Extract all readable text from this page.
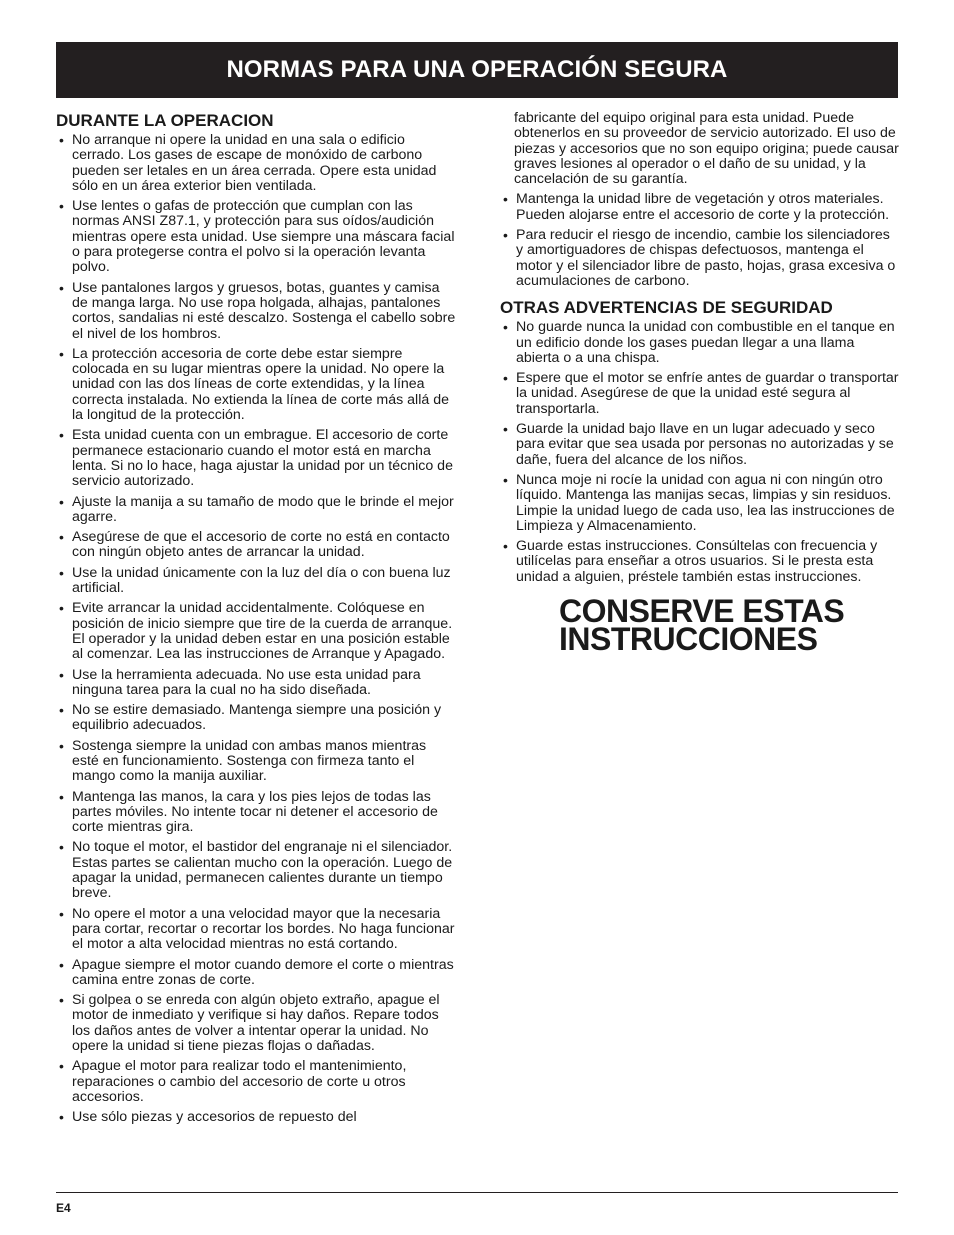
NORMAS PARA UNA OPERACIÓN SEGURA
DURANTE LA OPERACION
• No arranque ni opere la unidad en una sala o edificio cerrado. Los gases de escape de monóxido de carbono pueden ser letales en un área cerrada. Opere esta unidad sólo en un área exterior bien ventilada.
• Use lentes o gafas de protección que cumplan con las normas ANSI Z87.1, y protección para sus oídos/audición mientras opere esta unidad. Use siempre una máscara facial o para protegerse contra el polvo si la operación levanta polvo.
• Use pantalones largos y gruesos, botas, guantes y camisa de manga larga. No use ropa holgada, alhajas, pantalones cortos, sandalias ni esté descalzo. Sostenga el cabello sobre el nivel de los hombros.
• La protección accesoria de corte debe estar siempre colocada en su lugar mientras opere la unidad. No opere la unidad con las dos líneas de corte extendidas, y la línea correcta instalada. No extienda la línea de corte más allá de la longitud de la protección.
• Esta unidad cuenta con un embrague. El accesorio de corte permanece estacionario cuando el motor está en marcha lenta. Si no lo hace, haga ajustar la unidad por un técnico de servicio autorizado.
• Ajuste la manija a su tamaño de modo que le brinde el mejor agarre.
• Asegúrese de que el accesorio de corte no está en contacto con ningún objeto antes de arrancar la unidad.
• Use la unidad únicamente con la luz del día o con buena luz artificial.
• Evite arrancar la unidad accidentalmente. Colóquese en posición de inicio siempre que tire de la cuerda de arranque. El operador y la unidad deben estar en una posición estable al comenzar. Lea las instrucciones de Arranque y Apagado.
• Use la herramienta adecuada. No use esta unidad para ninguna tarea para la cual no ha sido diseñada.
• No se estire demasiado. Mantenga siempre una posición y equilibrio adecuados.
• Sostenga siempre la unidad con ambas manos mientras esté en funcionamiento. Sostenga con firmeza tanto el mango como la manija auxiliar.
• Mantenga las manos, la cara y los pies lejos de todas las partes móviles. No intente tocar ni detener el accesorio de corte mientras gira.
• No toque el motor, el bastidor del engranaje ni el silenciador. Estas partes se calientan mucho con la operación. Luego de apagar la unidad, permanecen calientes durante un tiempo breve.
• No opere el motor a una velocidad mayor que la necesaria para cortar, recortar o recortar los bordes. No haga funcionar el motor a alta velocidad mientras no está cortando.
• Apague siempre el motor cuando demore el corte o mientras camina entre zonas de corte.
• Si golpea o se enreda con algún objeto extraño, apague el motor de inmediato y verifique si hay daños. Repare todos los daños antes de volver a intentar operar la unidad. No opere la unidad si tiene piezas flojas o dañadas.
• Apague el motor para realizar todo el mantenimiento, reparaciones o cambio del accesorio de corte u otros accesorios.
• Use sólo piezas y accesorios de repuesto del
fabricante del equipo original para esta unidad. Puede obtenerlos en su proveedor de servicio autorizado. El uso de piezas y accesorios que no son equipo origina; puede causar graves lesiones al operador o el daño de su unidad, y la cancelación de su garantía.
• Mantenga la unidad libre de vegetación y otros materiales. Pueden alojarse entre el accesorio de corte y la protección.
• Para reducir el riesgo de incendio, cambie los silenciadores y amortiguadores de chispas defectuosos, mantenga el motor y el silenciador libre de pasto, hojas, grasa excesiva o acumulaciones de carbono.
OTRAS ADVERTENCIAS DE SEGURIDAD
• No guarde nunca la unidad con combustible en el tanque en un edificio donde los gases puedan llegar a una llama abierta o a una chispa.
• Espere que el motor se enfríe antes de guardar o transportar la unidad. Asegúrese de que la unidad esté segura al transportarla.
• Guarde la unidad bajo llave en un lugar adecuado y seco para evitar que sea usada por personas no autorizadas y se dañe, fuera del alcance de los niños.
• Nunca moje ni rocíe la unidad con agua ni con ningún otro líquido. Mantenga las manijas secas, limpias y sin residuos. Limpie la unidad luego de cada uso, lea las instrucciones de Limpieza y Almacenamiento.
• Guarde estas instrucciones. Consúltelas con frecuencia y utilícelas para enseñar a otros usuarios. Si le presta esta unidad a alguien, préstele también estas instrucciones.
CONSERVE ESTAS
INSTRUCCIONES
E4
